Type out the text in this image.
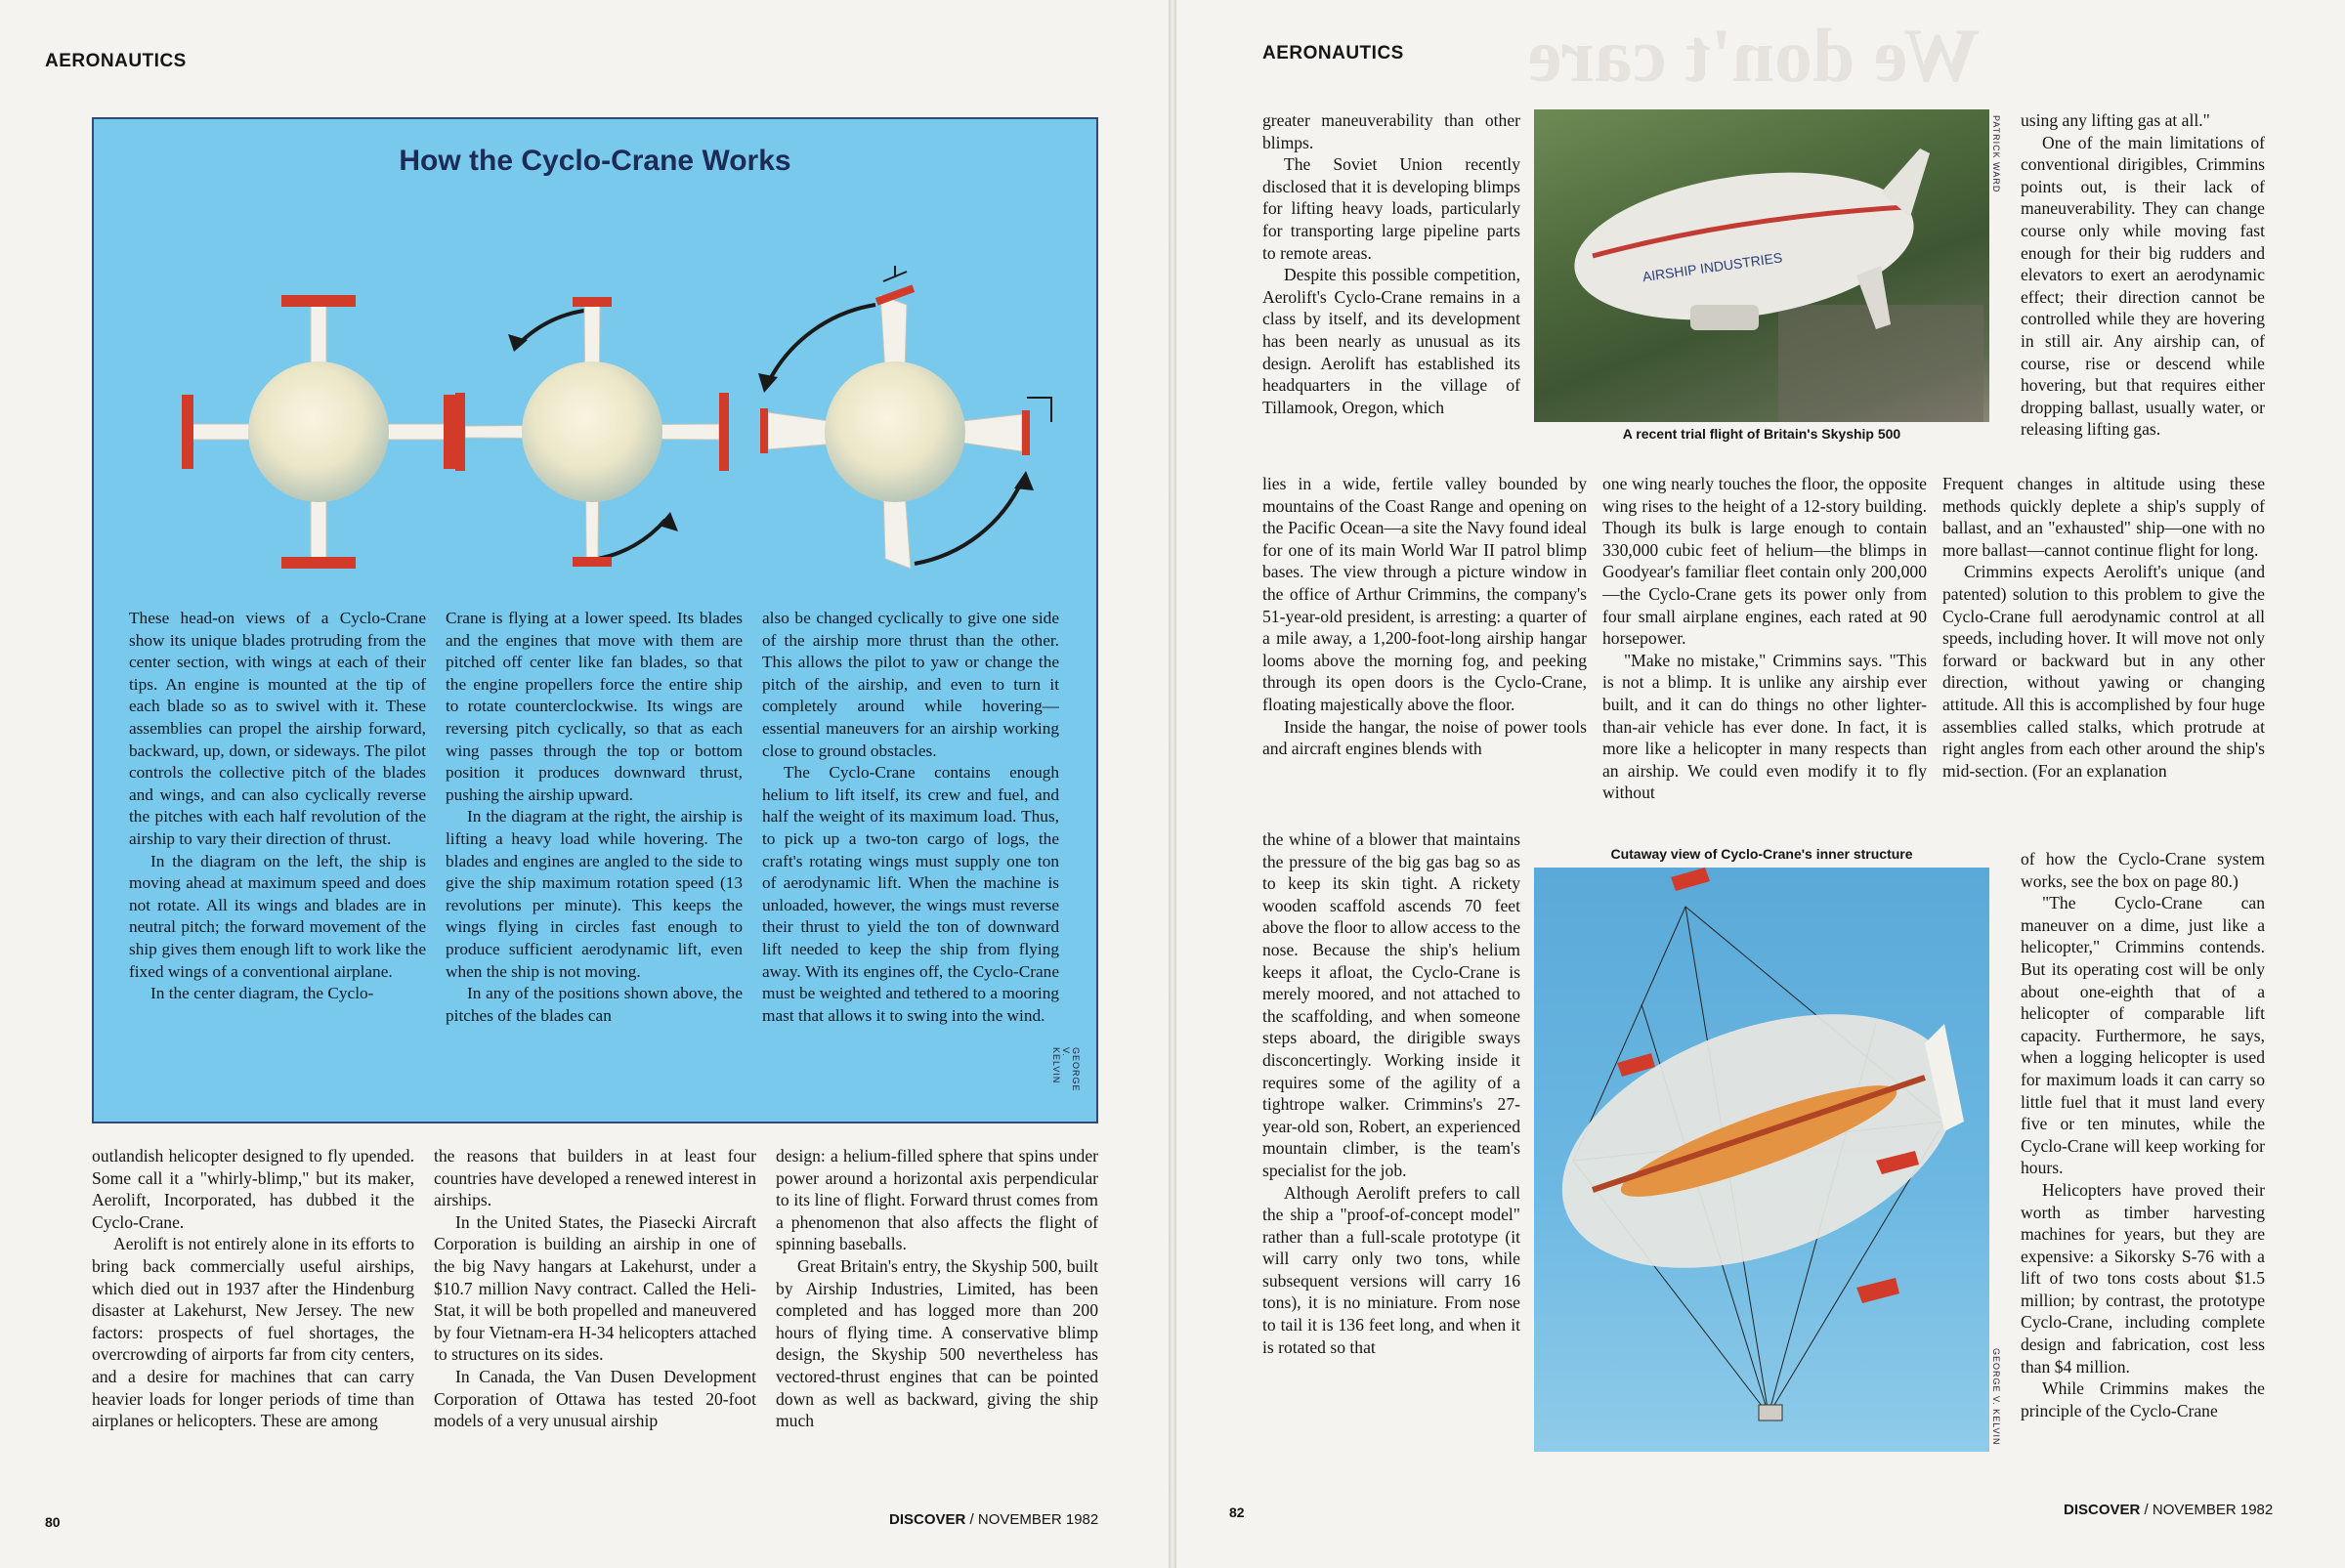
AERONAUTICS
How the Cyclo-Crane Works

These head-on views of a Cyclo-Crane show its unique blades protruding from the center section, with wings at each of their tips. An engine is mounted at the tip of each blade so as to swivel with it. These assemblies can propel the airship forward, backward, up, down, or sideways. The pilot controls the collective pitch of the blades and wings, and can also cyclically reverse the pitches with each half revolution of the airship to vary their direction of thrust.

In the diagram on the left, the ship is moving ahead at maximum speed and does not rotate. All its wings and blades are in neutral pitch; the forward movement of the ship gives them enough lift to work like the fixed wings of a conventional airplane.

In the center diagram, the Cyclo-

Crane is flying at a lower speed. Its blades and the engines that move with them are pitched off center like fan blades, so that the engine propellers force the entire ship to rotate counterclockwise. Its wings are reversing pitch cyclically, so that as each wing passes through the top or bottom position it produces downward thrust, pushing the airship upward.

In the diagram at the right, the airship is lifting a heavy load while hovering. The blades and engines are angled to the side to give the ship maximum rotation speed (13 revolutions per minute). This keeps the wings flying in circles fast enough to produce sufficient aerodynamic lift, even when the ship is not moving.

In any of the positions shown above, the pitches of the blades can

also be changed cyclically to give one side of the airship more thrust than the other. This allows the pilot to yaw or change the pitch of the airship, and even to turn it completely around while hovering—essential maneuvers for an airship working close to ground obstacles.

The Cyclo-Crane contains enough helium to lift itself, its crew and fuel, and half the weight of its maximum load. Thus, to pick up a two-ton cargo of logs, the craft's rotating wings must supply one ton of aerodynamic lift. When the machine is unloaded, however, the wings must reverse their thrust to yield the ton of downward lift needed to keep the ship from flying away. With its engines off, the Cyclo-Crane must be weighted and tethered to a mooring mast that allows it to swing into the wind.

GEORGE V. KELVIN

outlandish helicopter designed to fly upended. Some call it a "whirly-blimp," but its maker, Aerolift, Incorporated, has dubbed it the Cyclo-Crane.

Aerolift is not entirely alone in its efforts to bring back commercially useful airships, which died out in 1937 after the Hindenburg disaster at Lakehurst, New Jersey. The new factors: prospects of fuel shortages, the overcrowding of airports far from city centers, and a desire for machines that can carry heavier loads for longer periods of time than airplanes or helicopters. These are among

the reasons that builders in at least four countries have developed a renewed interest in airships.

In the United States, the Piasecki Aircraft Corporation is building an airship in one of the big Navy hangars at Lakehurst, under a $10.7 million Navy contract. Called the Heli-Stat, it will be both propelled and maneuvered by four Vietnam-era H-34 helicopters attached to structures on its sides.

In Canada, the Van Dusen Development Corporation of Ottawa has tested 20-foot models of a very unusual airship

design: a helium-filled sphere that spins under power around a horizontal axis perpendicular to its line of flight. Forward thrust comes from a phenomenon that also affects the flight of spinning baseballs.

Great Britain's entry, the Skyship 500, built by Airship Industries, Limited, has been completed and has logged more than 200 hours of flying time. A conservative blimp design, the Skyship 500 nevertheless has vectored-thrust engines that can be pointed down as well as backward, giving the ship much

80	DISCOVER / NOVEMBER 1982
We don't care
AERONAUTICS
AIRSHIP INDUSTRIES
PATRICK WARD
A recent trial flight of Britain's Skyship 500
Cutaway view of Cyclo-Crane's inner structure
GEORGE V. KELVIN

greater maneuverability than other blimps.

The Soviet Union recently disclosed that it is developing blimps for lifting heavy loads, particularly for transporting large pipeline parts to remote areas.

Despite this possible competition, Aerolift's Cyclo-Crane remains in a class by itself, and its development has been nearly as unusual as its design. Aerolift has established its headquarters in the village of Tillamook, Oregon, which

lies in a wide, fertile valley bounded by mountains of the Coast Range and opening on the Pacific Ocean—a site the Navy found ideal for one of its main World War II patrol blimp bases. The view through a picture window in the office of Arthur Crimmins, the company's 51-year-old president, is arresting: a quarter of a mile away, a 1,200-foot-long airship hangar looms above the morning fog, and peeking through its open doors is the Cyclo-Crane, floating majestically above the floor.

Inside the hangar, the noise of power tools and aircraft engines blends with

the whine of a blower that maintains the pressure of the big gas bag so as to keep its skin tight. A rickety wooden scaffold ascends 70 feet above the floor to allow access to the nose. Because the ship's helium keeps it afloat, the Cyclo-Crane is merely moored, and not attached to the scaffolding, and when someone steps aboard, the dirigible sways disconcertingly. Working inside it requires some of the agility of a tightrope walker. Crimmins's 27-year-old son, Robert, an experienced mountain climber, is the team's specialist for the job.

Although Aerolift prefers to call the ship a "proof-of-concept model" rather than a full-scale prototype (it will carry only two tons, while subsequent versions will carry 16 tons), it is no miniature. From nose to tail it is 136 feet long, and when it is rotated so that

one wing nearly touches the floor, the opposite wing rises to the height of a 12-story building. Though its bulk is large enough to contain 330,000 cubic feet of helium—the blimps in Goodyear's familiar fleet contain only 200,000—the Cyclo-Crane gets its power only from four small airplane engines, each rated at 90 horsepower.

"Make no mistake," Crimmins says. "This is not a blimp. It is unlike any airship ever built, and it can do things no other lighter-than-air vehicle has ever done. In fact, it is more like a helicopter in many respects than an airship. We could even modify it to fly without

using any lifting gas at all."

One of the main limitations of conventional dirigibles, Crimmins points out, is their lack of maneuverability. They can change course only while moving fast enough for their big rudders and elevators to exert an aerodynamic effect; their direction cannot be controlled while they are hovering in still air. Any airship can, of course, rise or descend while hovering, but that requires either dropping ballast, usually water, or releasing lifting gas.

Frequent changes in altitude using these methods quickly deplete a ship's supply of ballast, and an "exhausted" ship—one with no more ballast—cannot continue flight for long.

Crimmins expects Aerolift's unique (and patented) solution to this problem to give the Cyclo-Crane full aerodynamic control at all speeds, including hover. It will move not only forward or backward but in any other direction, without yawing or changing attitude. All this is accomplished by four huge assemblies called stalks, which protrude at right angles from each other around the ship's mid-section. (For an explanation

of how the Cyclo-Crane system works, see the box on page 80.)

"The Cyclo-Crane can maneuver on a dime, just like a helicopter," Crimmins contends. But its operating cost will be only about one-eighth that of a helicopter of comparable lift capacity. Furthermore, he says, when a logging helicopter is used for maximum loads it can carry so little fuel that it must land every five or ten minutes, while the Cyclo-Crane will keep working for hours.

Helicopters have proved their worth as timber harvesting machines for years, but they are expensive: a Sikorsky S-76 with a lift of two tons costs about $1.5 million; by contrast, the prototype Cyclo-Crane, including complete design and fabrication, cost less than $4 million.

While Crimmins makes the principle of the Cyclo-Crane

82	DISCOVER / NOVEMBER 1982
